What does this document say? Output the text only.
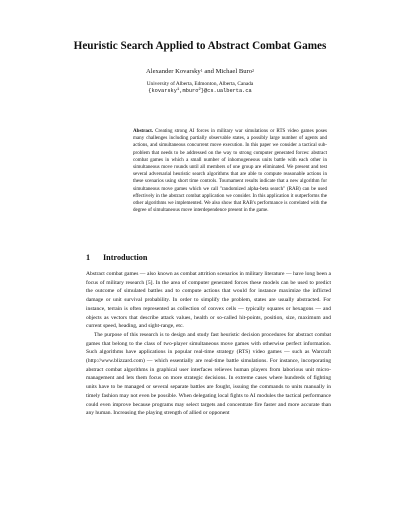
Heuristic Search Applied to Abstract Combat Games
Alexander Kovarsky$^1$ and Michael Buro$^2$
University of Alberta, Edmonton, Alberta, Canada
{kovarsky$^1$,mburo$^2$}@cs.ualberta.ca
Abstract. Creating strong AI forces in military war simulations or RTS video games poses many challenges including partially observable states, a possibly large number of agents and actions, and simultaneous concurrent move execution. In this paper we consider a tactical sub-problem that needs to be addressed on the way to strong computer generated forces: abstract combat games in which a small number of inhomogeneous units battle with each other in simultaneous move rounds until all members of one group are eliminated. We present and test several adversarial heuristic search algorithms that are able to compute reasonable actions in these scenarios using short time controls. Tournament results indicate that a new algorithm for simultaneous move games which we call "randomized alpha-beta search" (RAB) can be used effectively in the abstract combat application we consider. In this application it outperforms the other algorithms we implemented. We also show that RAB's performance is correlated with the degree of simultaneous move interdependence present in the game.
1 Introduction

Abstract combat games — also known as combat attrition scenarios in military literature — have long been a focus of military research [5]. In the area of computer generated forces these models can be used to predict the outcome of simulated battles and to compute actions that would for instance maximize the inflicted damage or unit survival probability. In order to simplify the problem, states are usually abstracted. For instance, terrain is often represented as collection of convex cells — typically squares or hexagons — and objects as vectors that describe attack values, health or so-called hit-points, position, size, maximum and current speed, heading, and sight-range, etc.

The purpose of this research is to design and study fast heuristic decision procedures for abstract combat games that belong to the class of two-player simultaneous move games with otherwise perfect information. Such algorithms have applications in popular real-time strategy (RTS) video games — such as Warcraft (http://www.blizzard.com) — which essentially are real-time battle simulations. For instance, incorporating abstract combat algorithms in graphical user interfaces relieves human players from laborious unit micro-management and lets them focus on more strategic decisions. In extreme cases where hundreds of fighting units have to be managed or several separate battles are fought, issuing the commands to units manually in timely fashion may not even be possible. When delegating local fights to AI modules the tactical performance could even improve because programs may select targets and concentrate fire faster and more accurate than any human. Increasing the playing strength of allied or opponent
